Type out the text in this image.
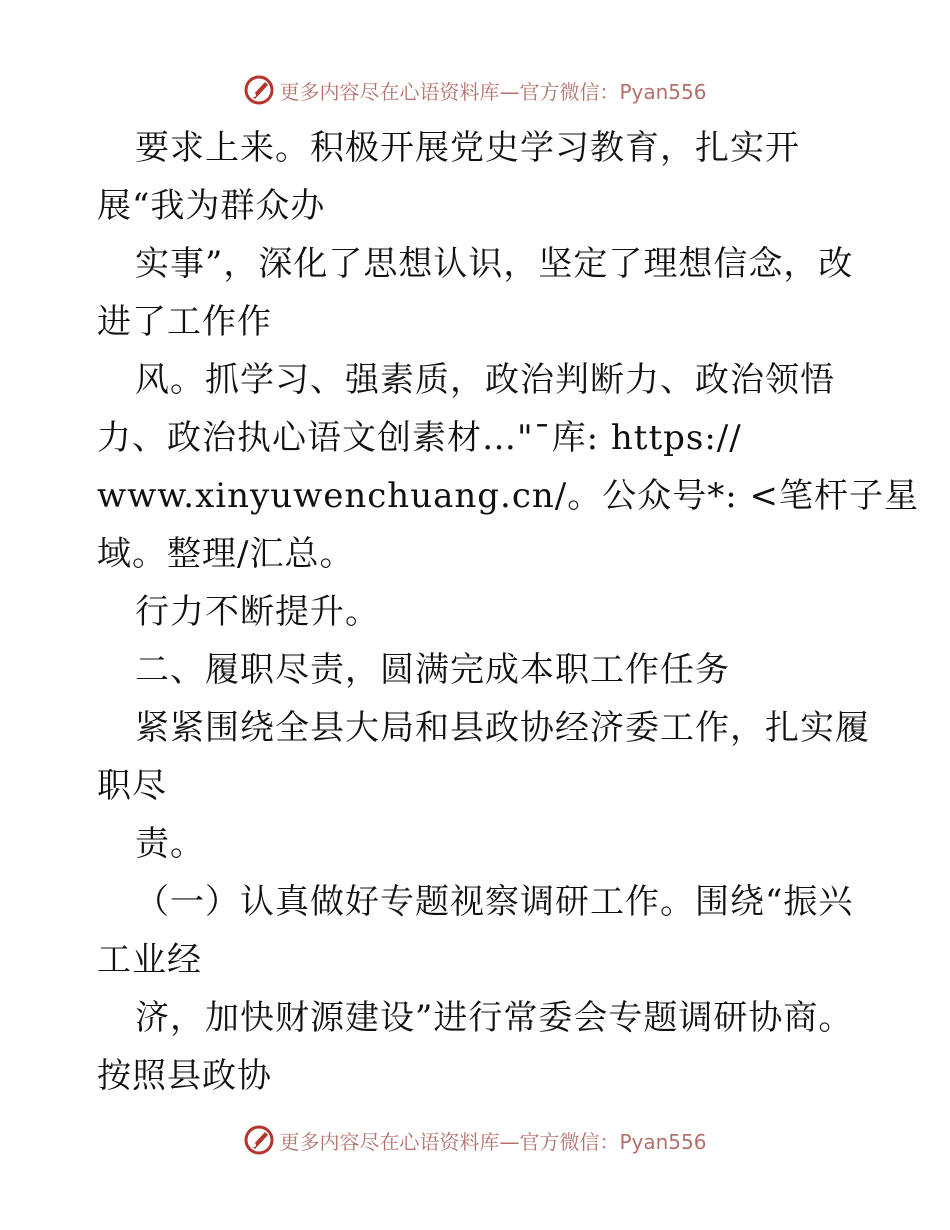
更多内容尽在心语资料库—官方微信：Pyan556
要求上来。积极开展党史学习教育，扎实开
展“我为群众办
实事”，深化了思想认识，坚定了理想信念，改
进了工作作
风。抓学习、强素质，政治判断力、政治领悟
力、政治执心语文创素材…"¯库: https://
www.xinyuwenchuang.cn/。公众号*: <笔杆子星
域。整理/汇总。
行力不断提升。
二、履职尽责，圆满完成本职工作任务
紧紧围绕全县大局和县政协经济委工作，扎实履
职尽
责。
（一）认真做好专题视察调研工作。围绕“振兴
工业经
济，加快财源建设”进行常委会专题调研协商。
按照县政协
更多内容尽在心语资料库—官方微信：Pyan556
